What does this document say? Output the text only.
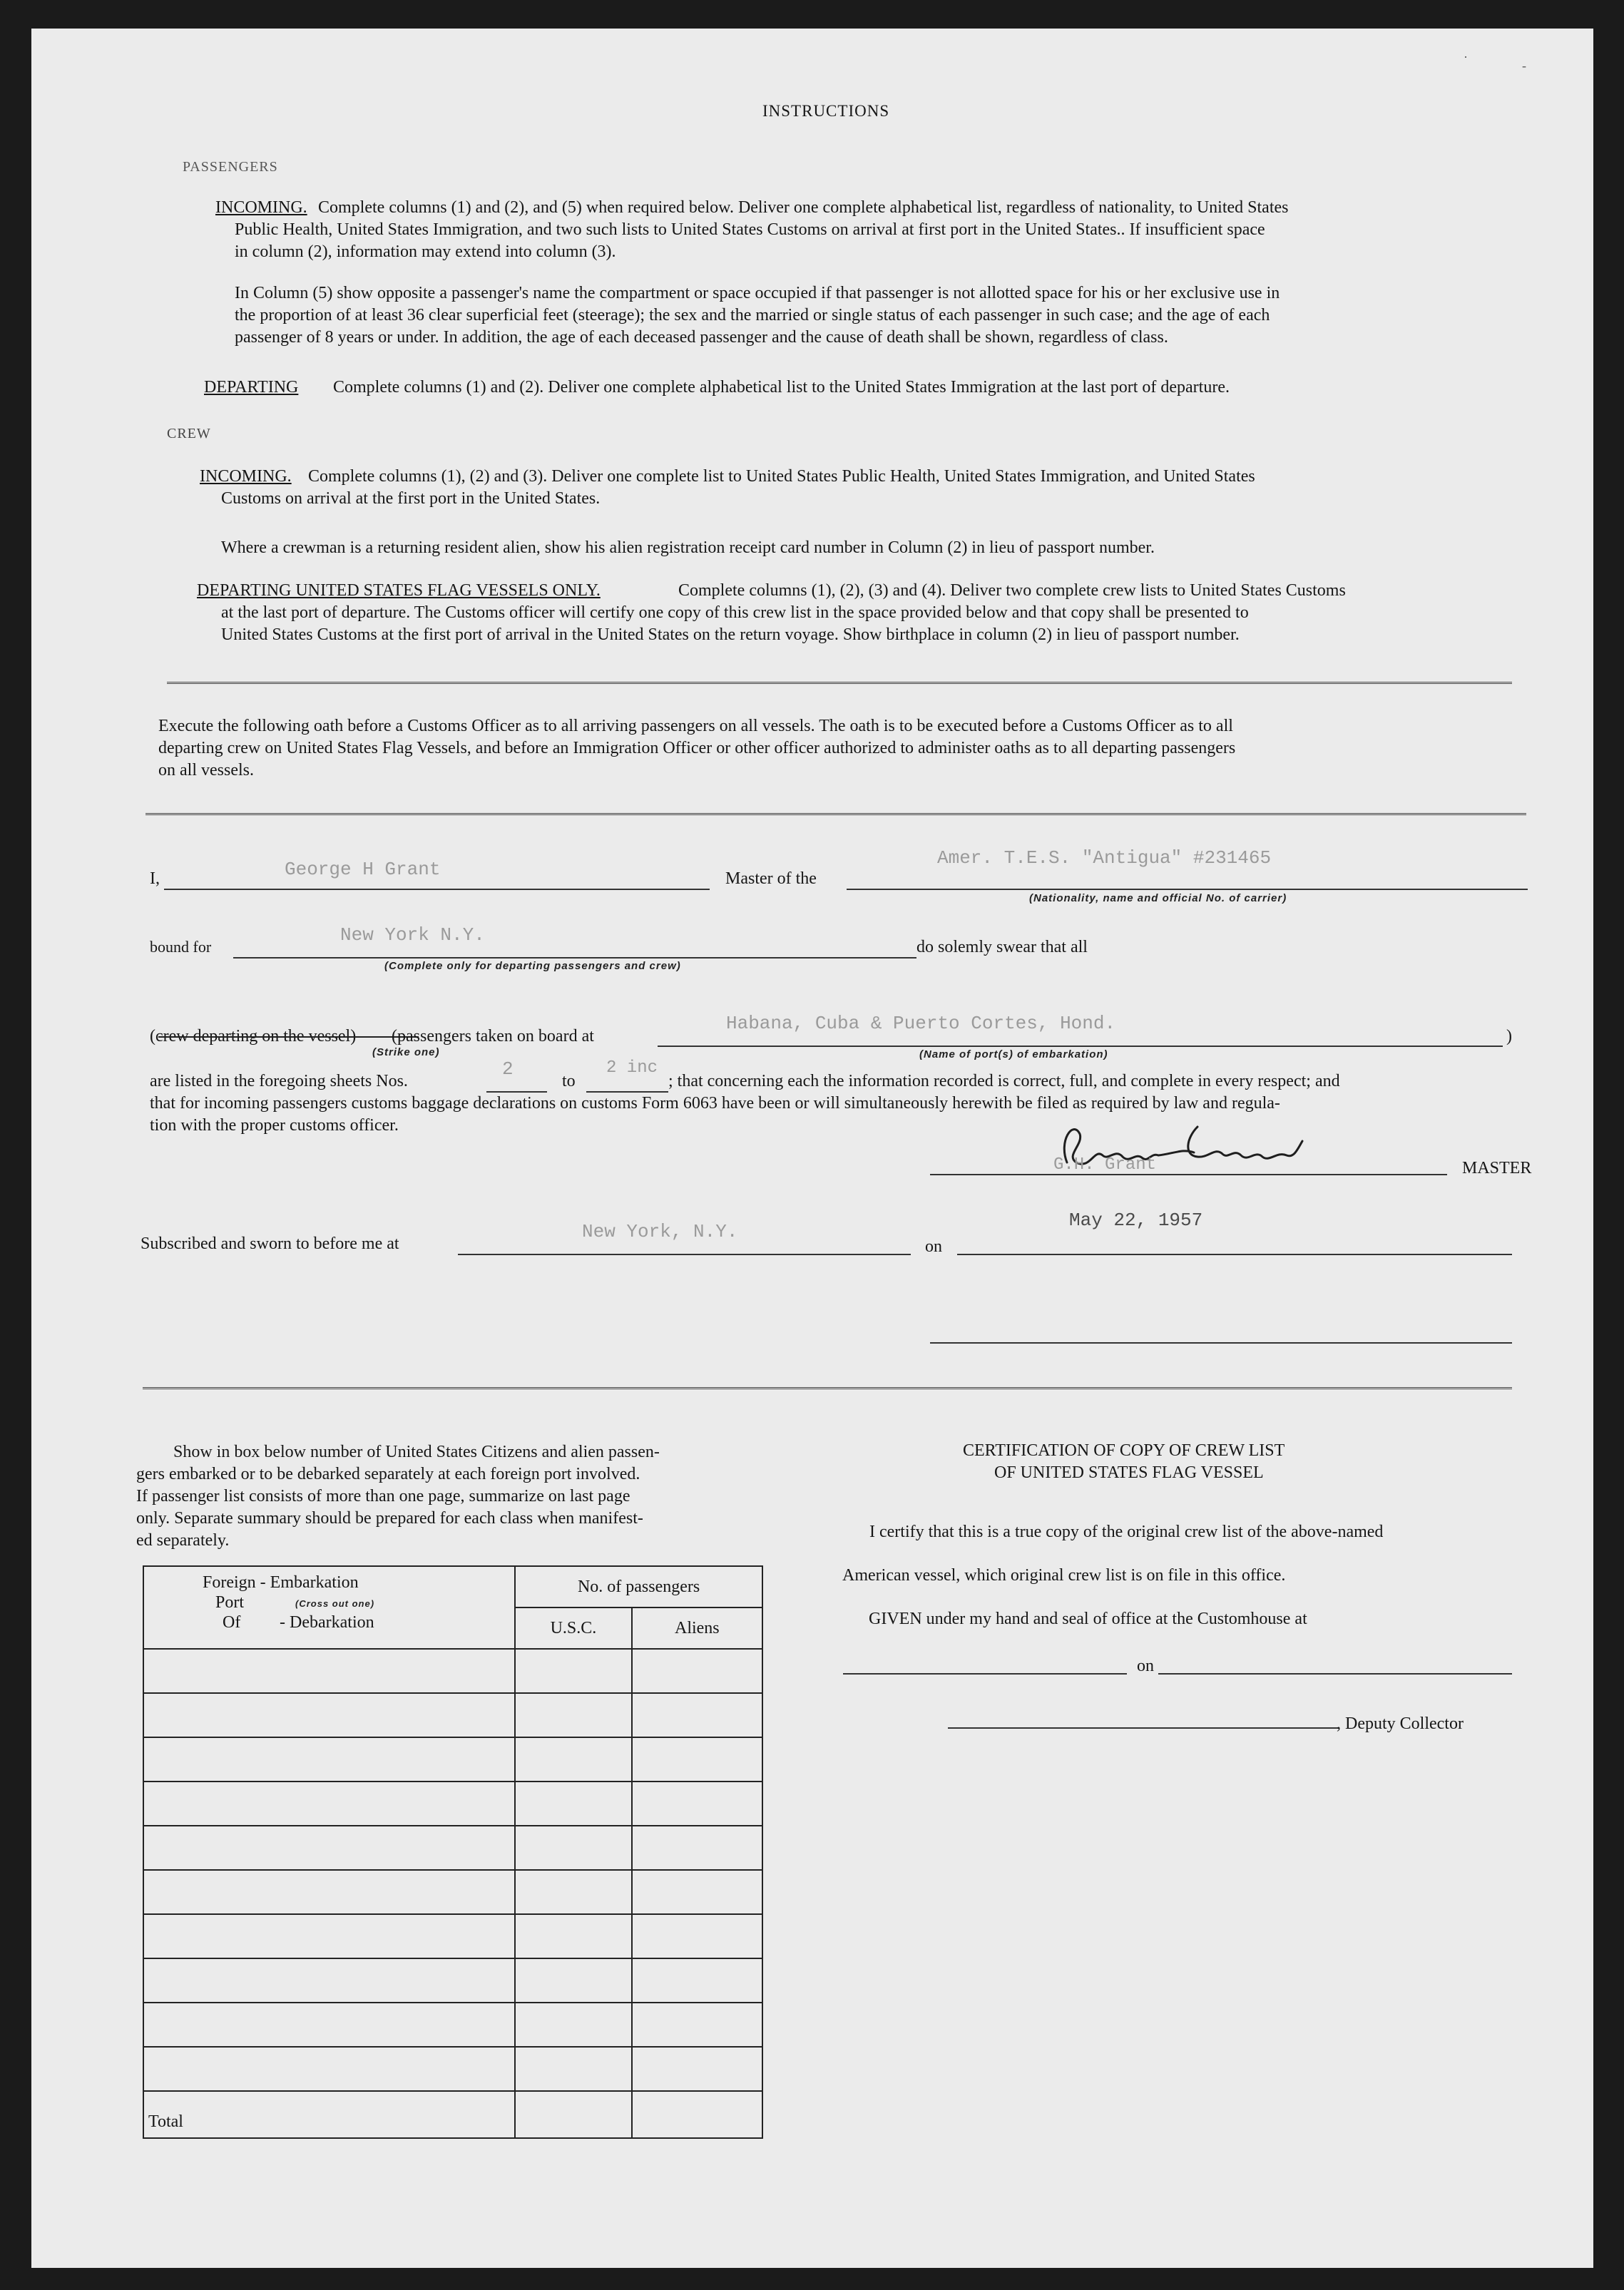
INSTRUCTIONS
PASSENGERS
INCOMING. Complete columns (1) and (2), and (5) when required below. Deliver one complete alphabetical list, regardless of nationality, to United States
Public Health, United States Immigration, and two such lists to United States Customs on arrival at first port in the United States.. If insufficient space
in column (2), information may extend into column (3).
In Column (5) show opposite a passenger's name the compartment or space occupied if that passenger is not allotted space for his or her exclusive use in
the proportion of at least 36 clear superficial feet (steerage); the sex and the married or single status of each passenger in such case; and the age of each
passenger of 8 years or under. In addition, the age of each deceased passenger and the cause of death shall be shown, regardless of class.
DEPARTING Complete columns (1) and (2). Deliver one complete alphabetical list to the United States Immigration at the last port of departure.
CREW
INCOMING. Complete columns (1), (2) and (3). Deliver one complete list to United States Public Health, United States Immigration, and United States
Customs on arrival at the first port in the United States.
Where a crewman is a returning resident alien, show his alien registration receipt card number in Column (2) in lieu of passport number.
DEPARTING UNITED STATES FLAG VESSELS ONLY.	Complete columns (1), (2), (3) and (4). Deliver two complete crew lists to United States Customs
at the last port of departure. The Customs officer will certify one copy of this crew list in the space provided below and that copy shall be presented to
United States Customs at the first port of arrival in the United States on the return voyage. Show birthplace in column (2) in lieu of passport number.
Execute the following oath before a Customs Officer as to all arriving passengers on all vessels. The oath is to be executed before a Customs Officer as to all
departing crew on United States Flag Vessels, and before an Immigration Officer or other officer authorized to administer oaths as to all departing passengers
on all vessels.
I,	George H Grant	Master of the
Amer. T.E.S. "Antigua" #231465
(Nationality, name and official No. of carrier)
bound for
New York N.Y.
(Complete only for departing passengers and crew)
do solemly swear that all
(crew departing on the vessel) (passengers taken on board at
(Strike one)
Habana, Cuba & Puerto Cortes, Hond.
(Name of port(s) of embarkation)
)
are listed in the foregoing sheets Nos.
2
to
2 inc
; that concerning each the information recorded is correct, full, and complete in every respect; and
that for incoming passengers customs baggage declarations on customs Form 6063 have been or will simultaneously herewith be filed as required by law and regula-
tion with the proper customs officer.
G.H. Grant	MASTER
Subscribed and sworn to before me at
New York, N.Y.
on
May 22, 1957
Show in box below number of United States Citizens and alien passen-
gers embarked or to be debarked separately at each foreign port involved.
If passenger list consists of more than one page, summarize on last page
only. Separate summary should be prepared for each class when manifest-
ed separately.
Foreign - Embarkation
Port (Cross out one)
Of - Debarkation	No. of passengers	
	U.S.C.	Aliens

Total		
CERTIFICATION OF COPY OF CREW LIST
OF UNITED STATES FLAG VESSEL
I certify that this is a true copy of the original crew list of the above-named
American vessel, which original crew list is on file in this office.
GIVEN under my hand and seal of office at the Customhouse at
on
, Deputy Collector
·
-
